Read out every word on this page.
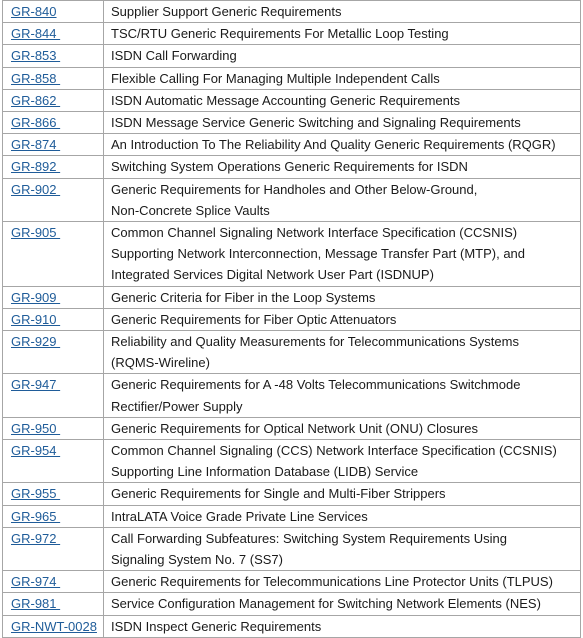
GR-840	Supplier Support Generic Requirements

GR-844	TSC/RTU Generic Requirements For Metallic Loop Testing

GR-853	ISDN Call Forwarding

GR-858	Flexible Calling For Managing Multiple Independent Calls

GR-862	ISDN Automatic Message Accounting Generic Requirements

GR-866	ISDN Message Service Generic Switching and Signaling Requirements

GR-874	An Introduction To The Reliability And Quality Generic Requirements (RQGR)

GR-892	Switching System Operations Generic Requirements for ISDN

GR-902	Generic Requirements for Handholes and Other Below-Ground,
Non-Concrete Splice Vaults

GR-905	Common Channel Signaling Network Interface Specification (CCSNIS)
Supporting Network Interconnection, Message Transfer Part (MTP), and
Integrated Services Digital Network User Part (ISDNUP)

GR-909	Generic Criteria for Fiber in the Loop Systems

GR-910	Generic Requirements for Fiber Optic Attenuators

GR-929	Reliability and Quality Measurements for Telecommunications Systems
(RQMS-Wireline)

GR-947	Generic Requirements for A -48 Volts Telecommunications Switchmode
Rectifier/Power Supply

GR-950	Generic Requirements for Optical Network Unit (ONU) Closures

GR-954	Common Channel Signaling (CCS) Network Interface Specification (CCSNIS)
Supporting Line Information Database (LIDB) Service

GR-955	Generic Requirements for Single and Multi-Fiber Strippers

GR-965	IntraLATA Voice Grade Private Line Services

GR-972	Call Forwarding Subfeatures: Switching System Requirements Using
Signaling System No. 7 (SS7)

GR-974	Generic Requirements for Telecommunications Line Protector Units (TLPUS)

GR-981	Service Configuration Management for Switching Network Elements (NES)

GR-NWT-0028	ISDN Inspect Generic Requirements
